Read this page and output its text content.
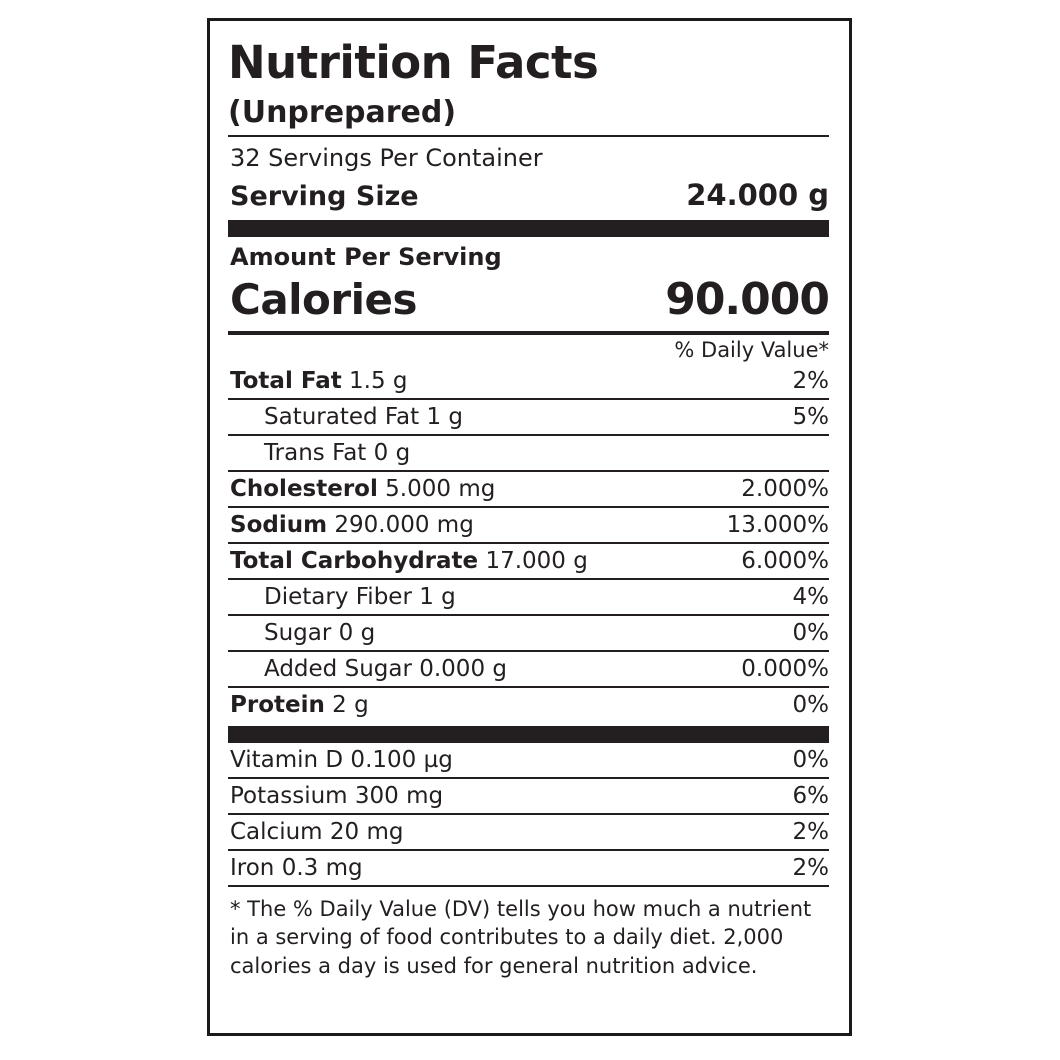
Nutrition Facts
(Unprepared)
32 Servings Per Container
Serving Size	24.000 g
Amount Per Serving
Calories	90.000
% Daily Value*
Total Fat 1.5 g	2%
Saturated Fat 1 g	5%
Trans Fat 0 g
Cholesterol 5.000 mg	2.000%
Sodium 290.000 mg	13.000%
Total Carbohydrate 17.000 g	6.000%
Dietary Fiber 1 g	4%
Sugar 0 g	0%
Added Sugar 0.000 g	0.000%
Protein 2 g	0%
Vitamin D 0.100 µg	0%
Potassium 300 mg	6%
Calcium 20 mg	2%
Iron 0.3 mg	2%
* The % Daily Value (DV) tells you how much a nutrient in a serving of food contributes to a daily diet. 2,000 calories a day is used for general nutrition advice.
